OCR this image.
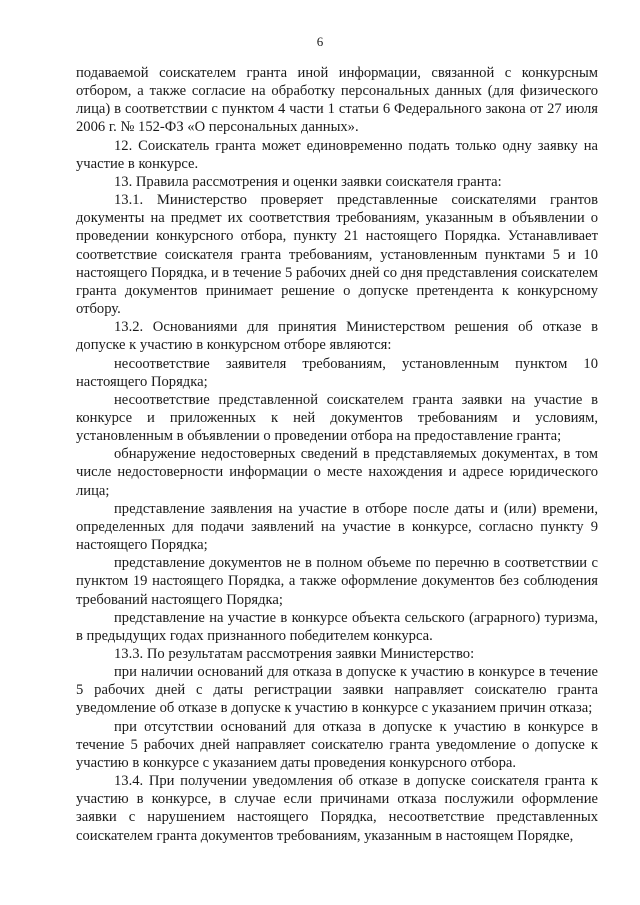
6

подаваемой соискателем гранта иной информации, связанной с конкурсным отбором, а также согласие на обработку персональных данных (для физического лица) в соответствии с пунктом 4 части 1 статьи 6 Федерального закона от 27 июля 2006 г. № 152-ФЗ «О персональных данных».

12. Соискатель гранта может единовременно подать только одну заявку на участие в конкурсе.

13. Правила рассмотрения и оценки заявки соискателя гранта:

13.1. Министерство проверяет представленные соискателями грантов документы на предмет их соответствия требованиям, указанным в объявлении о проведении конкурсного отбора, пункту 21 настоящего Порядка. Устанавливает соответствие соискателя гранта требованиям, установленным пунктами 5 и 10 настоящего Порядка, и в течение 5 рабочих дней со дня представления соискателем гранта документов принимает решение о допуске претендента к конкурсному отбору.

13.2. Основаниями для принятия Министерством решения об отказе в допуске к участию в конкурсном отборе являются:

несоответствие заявителя требованиям, установленным пунктом 10 настоящего Порядка;

несоответствие представленной соискателем гранта заявки на участие в конкурсе и приложенных к ней документов требованиям и условиям, установленным в объявлении о проведении отбора на предоставление гранта;

обнаружение недостоверных сведений в представляемых документах, в том числе недостоверности информации о месте нахождения и адресе юридического лица;

представление заявления на участие в отборе после даты и (или) времени, определенных для подачи заявлений на участие в конкурсе, согласно пункту 9 настоящего Порядка;

представление документов не в полном объеме по перечню в соответствии с пунктом 19 настоящего Порядка, а также оформление документов без соблюдения требований настоящего Порядка;

представление на участие в конкурсе объекта сельского (аграрного) туризма, в предыдущих годах признанного победителем конкурса.

13.3. По результатам рассмотрения заявки Министерство:

при наличии оснований для отказа в допуске к участию в конкурсе в течение 5 рабочих дней с даты регистрации заявки направляет соискателю гранта уведомление об отказе в допуске к участию в конкурсе с указанием причин отказа;

при отсутствии оснований для отказа в допуске к участию в конкурсе в течение 5 рабочих дней направляет соискателю гранта уведомление о допуске к участию в конкурсе с указанием даты проведения конкурсного отбора.

13.4. При получении уведомления об отказе в допуске соискателя гранта к участию в конкурсе, в случае если причинами отказа послужили оформление заявки с нарушением настоящего Порядка, несоответствие представленных соискателем гранта документов требованиям, указанным в настоящем Порядке,
